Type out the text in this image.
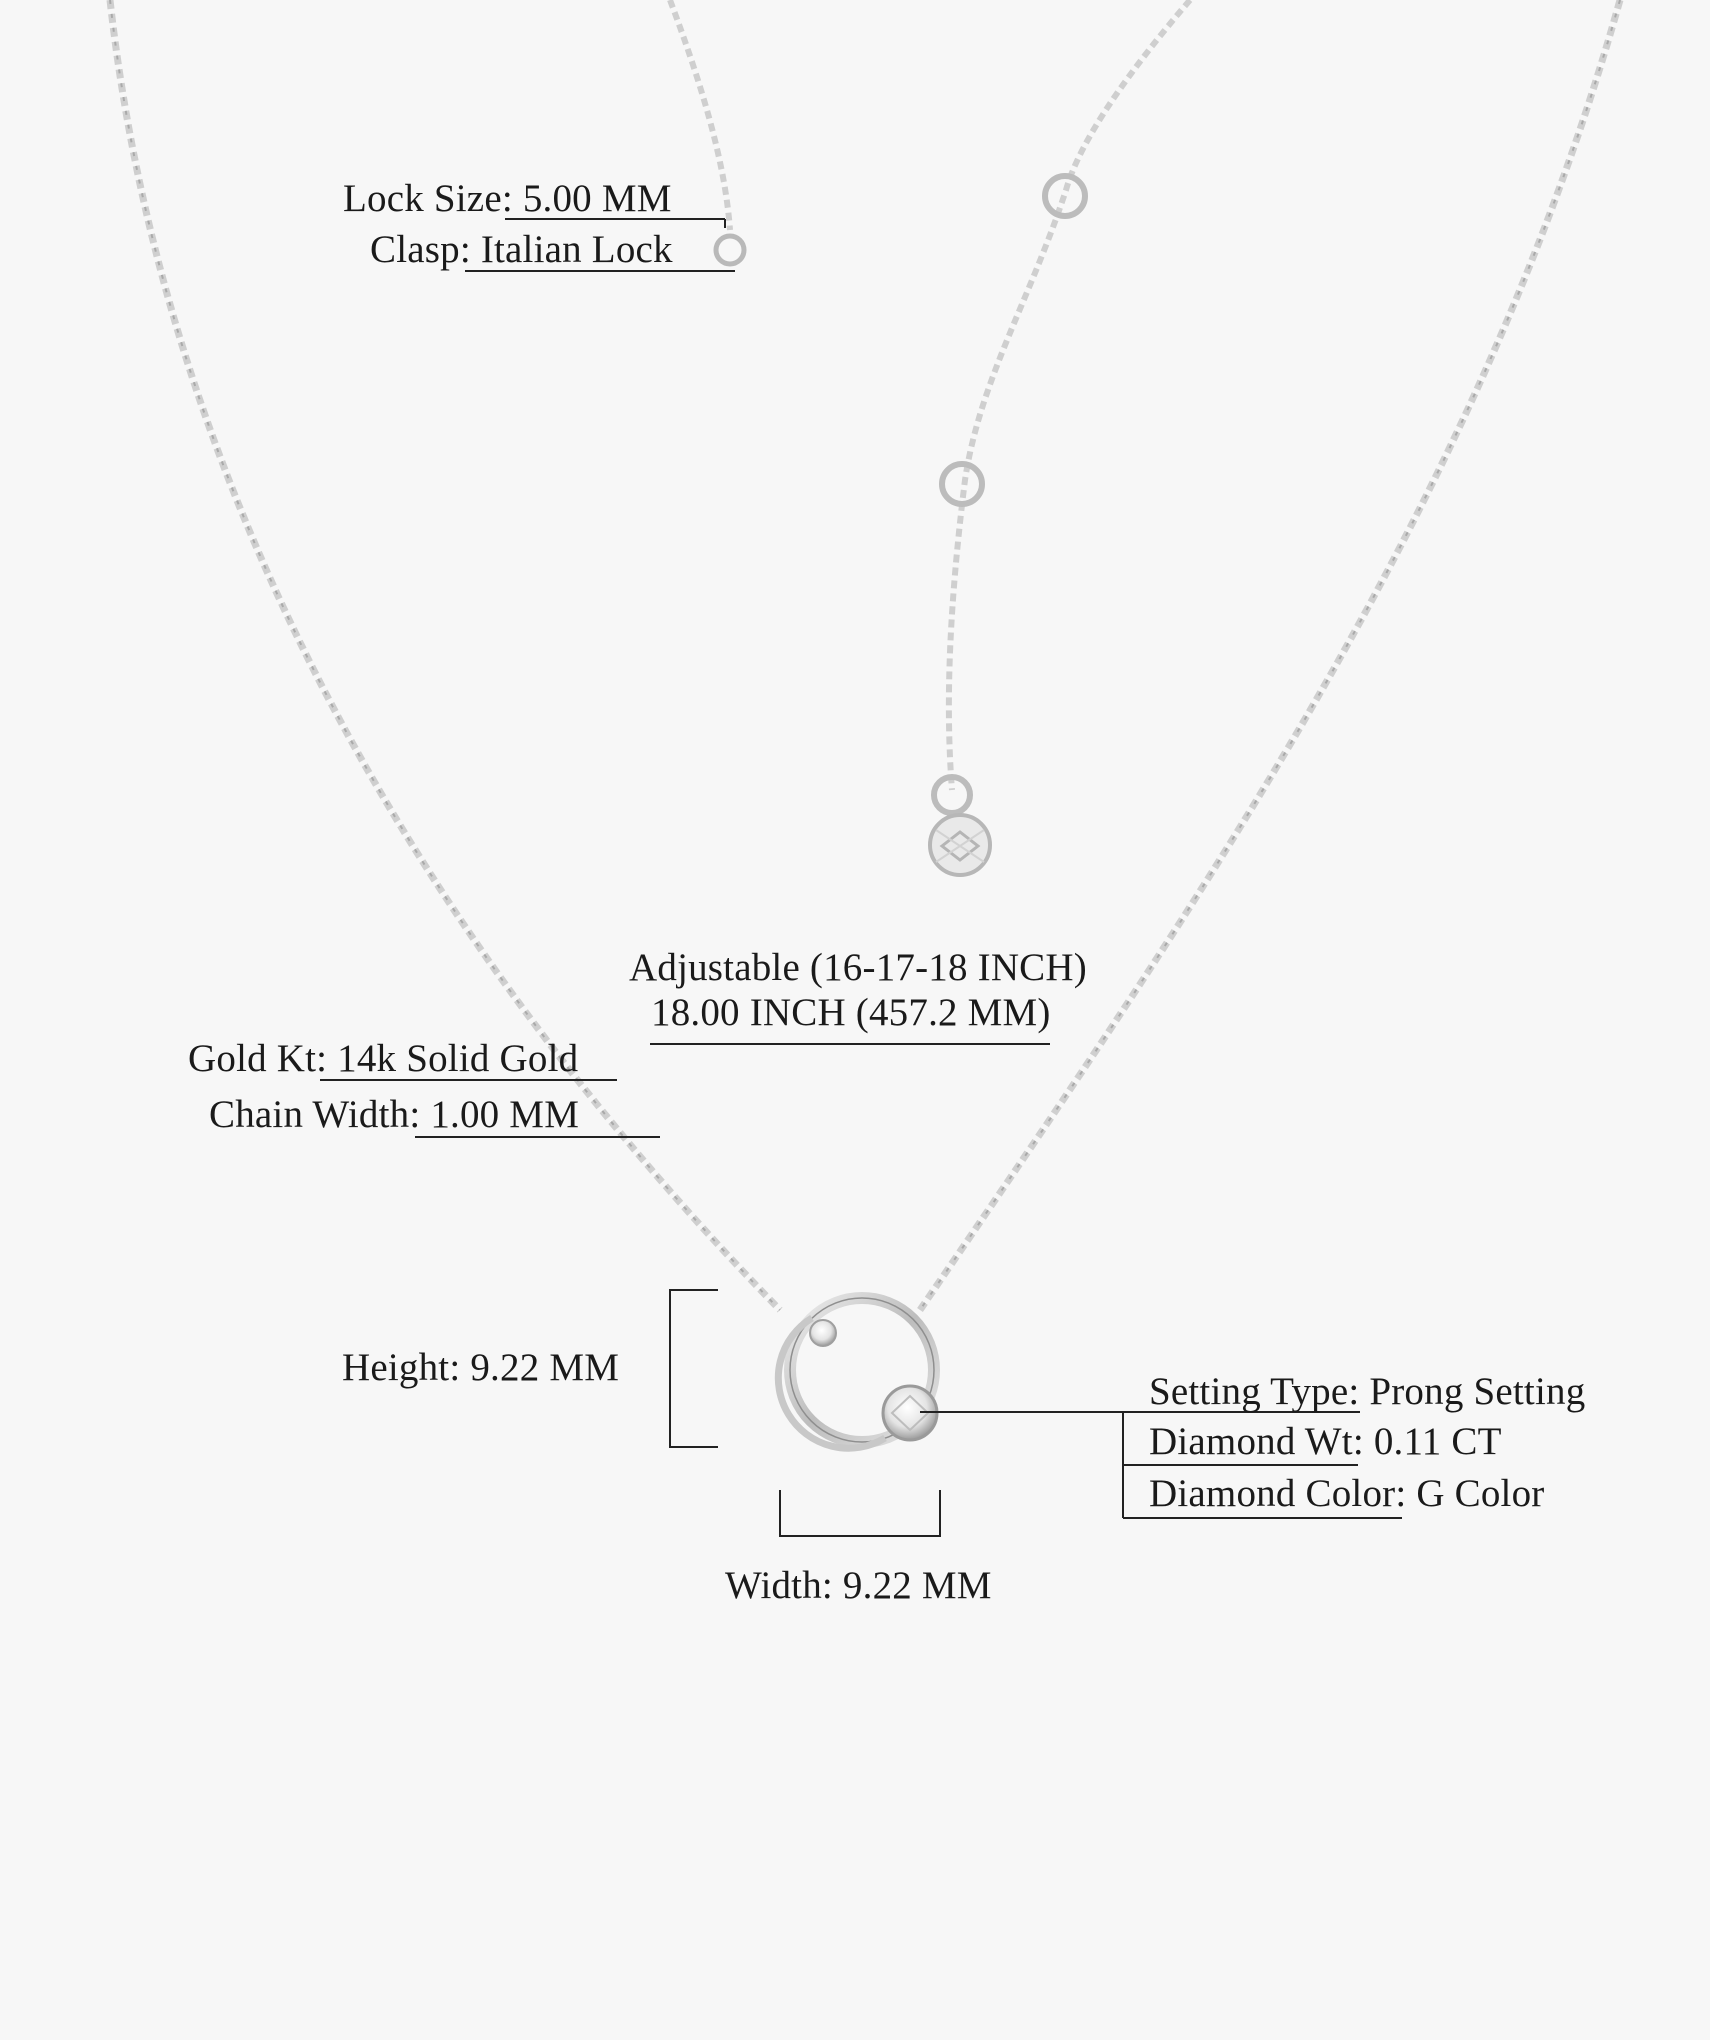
Lock Size: 5.00 MM
Clasp: Italian Lock
Adjustable (16-17-18 INCH)
18.00 INCH (457.2 MM)
Gold Kt: 14k Solid Gold
Chain Width: 1.00 MM
Height: 9.22 MM
Width: 9.22 MM
Setting Type: Prong Setting
Diamond Wt: 0.11 CT
Diamond Color: G Color
